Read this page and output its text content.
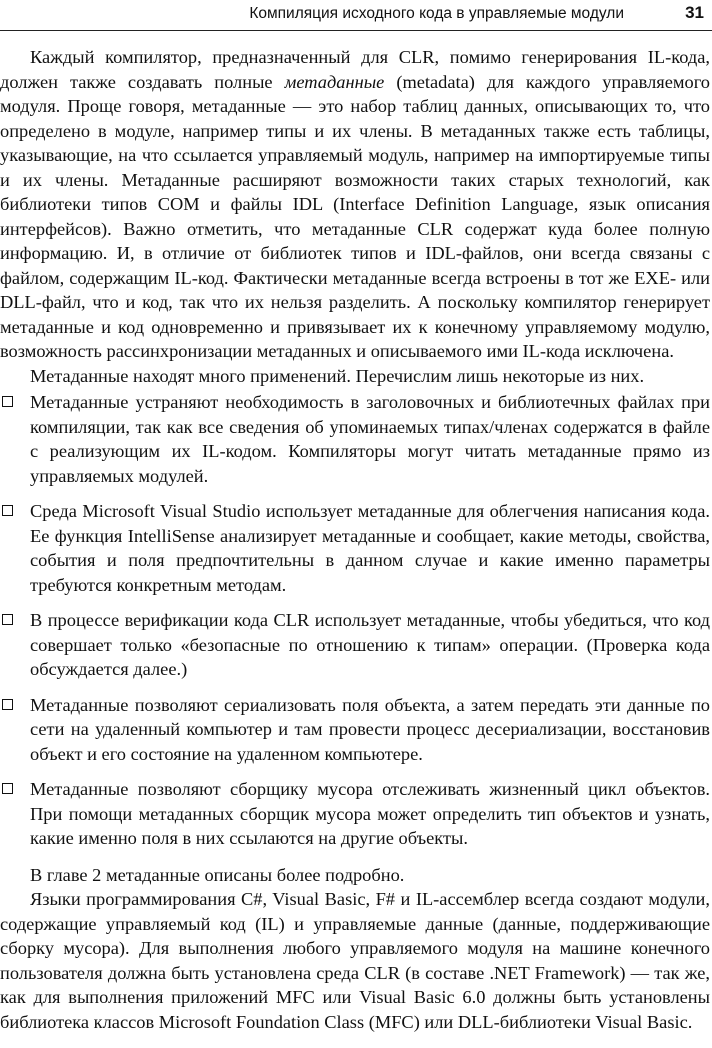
Компиляция исходного кода в управляемые модули	31

Каждый компилятор, предназначенный для CLR, помимо генерирования IL-кода, должен также создавать полные метаданные (metadata) для каждого управляемого модуля. Проще говоря, метаданные — это набор таблиц данных, описывающих то, что определено в модуле, например типы и их члены. В метаданных также есть таблицы, указывающие, на что ссылается управляемый модуль, например на импортируемые типы и их члены. Метаданные расширяют возможности таких старых технологий, как библиотеки типов COM и файлы IDL (Interface Definition Language, язык описания интерфейсов). Важно отметить, что метаданные CLR содержат куда более полную информацию. И, в отличие от библиотек типов и IDL-файлов, они всегда связаны с файлом, содержащим IL-код. Фактически метаданные всегда встроены в тот же EXE- или DLL-файл, что и код, так что их нельзя разделить. А поскольку компилятор генерирует метаданные и код одновременно и привязывает их к конечному управляемому модулю, возможность рассинхронизации метаданных и описываемого ими IL-кода исключена.

Метаданные находят много применений. Перечислим лишь некоторые из них.

Метаданные устраняют необходимость в заголовочных и библиотечных файлах при компиляции, так как все сведения об упоминаемых типах/членах содержатся в файле с реализующим их IL-кодом. Компиляторы могут читать метаданные прямо из управляемых модулей.
Среда Microsoft Visual Studio использует метаданные для облегчения написания кода. Ее функция IntelliSense анализирует метаданные и сообщает, какие методы, свойства, события и поля предпочтительны в данном случае и какие именно параметры требуются конкретным методам.
В процессе верификации кода CLR использует метаданные, чтобы убедиться, что код совершает только «безопасные по отношению к типам» операции. (Проверка кода обсуждается далее.)
Метаданные позволяют сериализовать поля объекта, а затем передать эти данные по сети на удаленный компьютер и там провести процесс десериализации, восстановив объект и его состояние на удаленном компьютере.
Метаданные позволяют сборщику мусора отслеживать жизненный цикл объектов. При помощи метаданных сборщик мусора может определить тип объектов и узнать, какие именно поля в них ссылаются на другие объекты.

В главе 2 метаданные описаны более подробно.

Языки программирования C#, Visual Basic, F# и IL-ассемблер всегда создают модули, содержащие управляемый код (IL) и управляемые данные (данные, поддерживающие сборку мусора). Для выполнения любого управляемого модуля на машине конечного пользователя должна быть установлена среда CLR (в составе .NET Framework) — так же, как для выполнения приложений MFC или Visual Basic 6.0 должны быть установлены библиотека классов Microsoft Foundation Class (MFC) или DLL-библиотеки Visual Basic.
